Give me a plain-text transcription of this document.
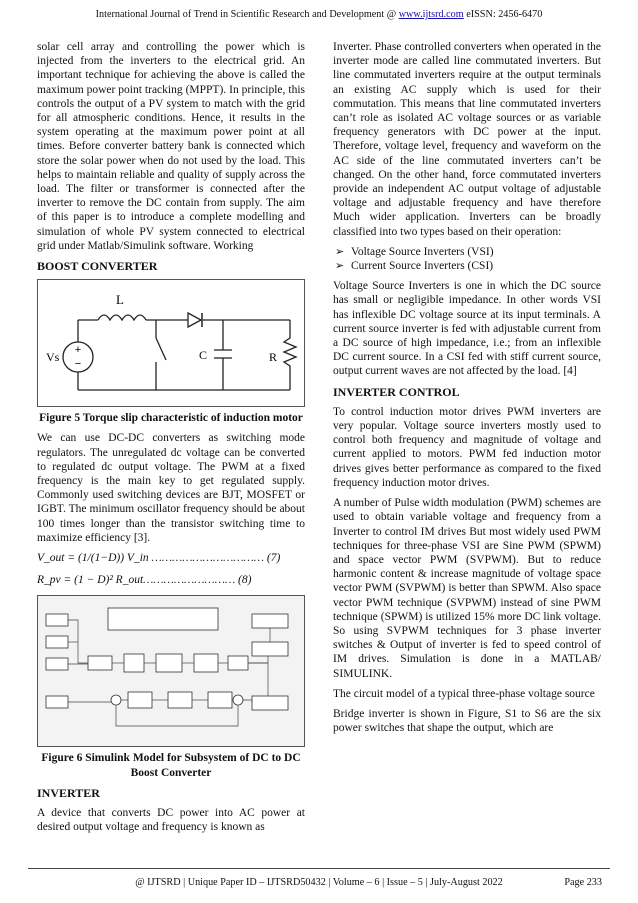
International Journal of Trend in Scientific Research and Development @ www.ijtsrd.com eISSN: 2456-6470

solar cell array and controlling the power which is injected from the inverters to the electrical grid. An important technique for achieving the above is called the maximum power point tracking (MPPT). In principle, this controls the output of a PV system to match with the grid for all atmospheric conditions. Hence, it results in the system operating at the maximum power point at all times. Before converter battery bank is connected which store the solar power when do not used by the load. This helps to maintain reliable and quality of supply across the load. The filter or transformer is connected after the inverter to remove the DC contain from supply. The aim of this paper is to introduce a complete modelling and simulation of whole PV system connected to electrical grid under Matlab/Simulink software. Working

BOOST CONVERTER
+
−
L
Vs	C	R
Figure 5 Torque slip characteristic of induction motor

We can use DC-DC converters as switching mode regulators. The unregulated dc voltage can be converted to regulated dc output voltage. The PWM at a fixed frequency is the main key to get regulated supply. Commonly used switching devices are BJT, MOSFET or IGBT. The minimum oscillator frequency should be about 100 times longer than the transistor switching time to maximize efficiency [3].

V_out = (1/(1−D)) V_in …………………………… (7)
R_pv = (1 − D)² R_out……………………… (8)
Figure 6 Simulink Model for Subsystem of DC to DC Boost Converter
INVERTER

A device that converts DC power into AC power at desired output voltage and frequency is known as

Inverter. Phase controlled converters when operated in the inverter mode are called line commutated inverters. But line commutated inverters require at the output terminals an existing AC supply which is used for their commutation. This means that line commutated inverters can’t role as isolated AC voltage sources or as variable frequency generators with DC power at the input. Therefore, voltage level, frequency and waveform on the AC side of the line commutated inverters can’t be changed. On the other hand, force commutated inverters provide an independent AC output voltage of adjustable voltage and adjustable frequency and have therefore Much wider application. Inverters can be broadly classified into two types based on their operation:

➢ Voltage Source Inverters (VSI)
➢ Current Source Inverters (CSI)

Voltage Source Inverters is one in which the DC source has small or negligible impedance. In other words VSI has inflexible DC voltage source at its input terminals. A current source inverter is fed with adjustable current from a DC source of high impedance, i.e.; from an inflexible DC current source. In a CSI fed with stiff current source, output current waves are not affected by the load. [4]

INVERTER CONTROL

To control induction motor drives PWM inverters are very popular. Voltage source inverters mostly used to control both frequency and magnitude of voltage and current applied to motors. PWM fed induction motor drives gives better performance as compared to the fixed frequency induction motor drives.

A number of Pulse width modulation (PWM) schemes are used to obtain variable voltage and frequency from a Inverter to control IM drives But most widely used PWM techniques for three-phase VSI are Sine PWM (SPWM) and space vector PWM (SVPWM). But to reduce harmonic content & increase magnitude of voltage space vector PWM (SVPWM) is better than SPWM. Also space vector PWM technique (SVPWM) instead of sine PWM technique (SPWM) is utilized 15% more DC link voltage. So using SVPWM techniques for 3 phase inverter switches & Output of inverter is fed to speed control of IM drives. Simulation is done in a MATLAB/ SIMULINK.

The circuit model of a typical three-phase voltage source

Bridge inverter is shown in Figure, S1 to S6 are the six power switches that shape the output, which are

@ IJTSRD | Unique Paper ID – IJTSRD50432 | Volume – 6 | Issue – 5 | July-August 2022	Page 233
